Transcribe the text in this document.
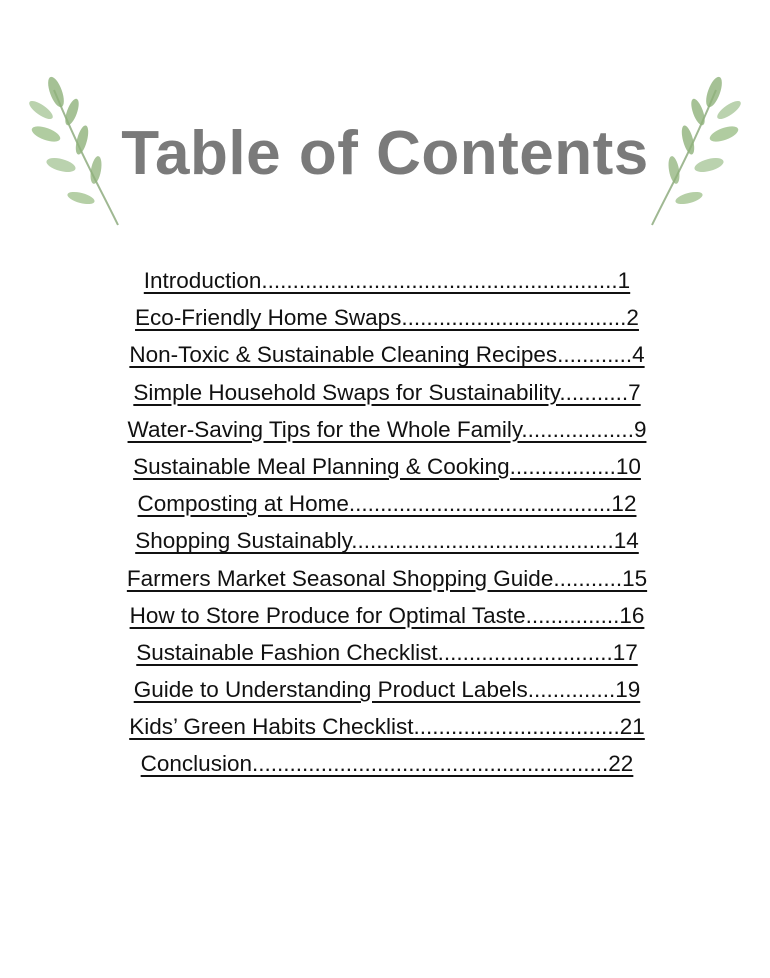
Table of Contents
Introduction.........................................................1
Eco-Friendly Home Swaps....................................2
Non-Toxic & Sustainable Cleaning Recipes............4
Simple Household Swaps for Sustainability...........7
Water-Saving Tips for the Whole Family..................9
Sustainable Meal Planning & Cooking.................10
Composting at Home..........................................12
Shopping Sustainably..........................................14
Farmers Market Seasonal Shopping Guide...........15
How to Store Produce for Optimal Taste...............16
Sustainable Fashion Checklist............................17
Guide to Understanding Product Labels..............19
Kids’ Green Habits Checklist.................................21
Conclusion.........................................................22
